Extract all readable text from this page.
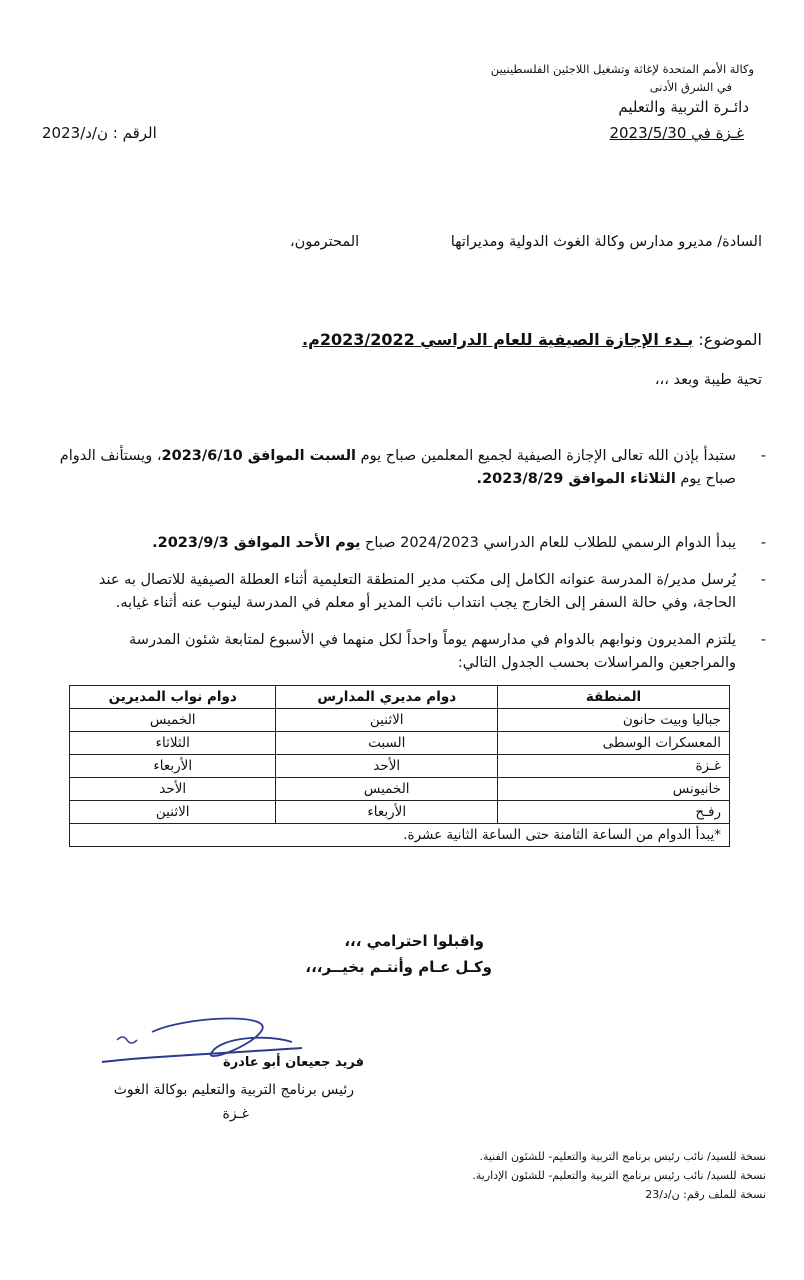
وكالة الأمم المتحدة لإغاثة وتشغيل اللاجئين الفلسطينيين
في الشرق الأدنى
دائـرة التربية والتعليم
غـزة في 2023/5/30
الرقم : ن/د/2023
السادة/ مديرو مدارس وكالة الغوث الدولية ومديراتها
المحترمون،
الموضوع: بـدء الإجازة الصيفية للعام الدراسي 2023/2022م.
تحية طيبة وبعد ،،،
-
ستبدأ بإذن الله تعالى الإجازة الصيفية لجميع المعلمين صباح يوم السبت الموافق 2023/6/10، ويستأنف الدوام
صباح يوم الثلاثاء الموافق 2023/8/29.
-
يبدأ الدوام الرسمي للطلاب للعام الدراسي 2024/2023 صباح يوم الأحد الموافق 2023/9/3.
-
يُرسل مدير/ة المدرسة عنوانه الكامل إلى مكتب مدير المنطقة التعليمية أثناء العطلة الصيفية للاتصال به عند
الحاجة، وفي حالة السفر إلى الخارج يجب انتداب نائب المدير أو معلم في المدرسة لينوب عنه أثناء غيابه.
-
يلتزم المديرون ونوابهم بالدوام في مدارسهم يوماً واحداً لكل منهما في الأسبوع لمتابعة شئون المدرسة
والمراجعين والمراسلات بحسب الجدول التالي:
المنطقة	دوام مديري المدارس	دوام نواب المديرين
جباليا وبيت حانون	الاثنين	الخميس
المعسكرات الوسطى	السبت	الثلاثاء
غـزة	الأحد	الأربعاء
خانيونس	الخميس	الأحد
رفـح	الأربعاء	الاثنين
*يبدأ الدوام من الساعة الثامنة حتى الساعة الثانية عشرة.		
واقبلوا احترامي ،،،
وكـل عـام وأنتـم بخيــر،،،
فريد جعيعان أبو عادرة
رئيس برنامج التربية والتعليم بوكالة الغوث
غـزة
نسخة للسيد/ نائب رئيس برنامج التربية والتعليم- للشئون الفنية.
نسخة للسيد/ نائب رئيس برنامج التربية والتعليم- للشئون الإدارية.
نسخة للملف رقم: ن/د/23
